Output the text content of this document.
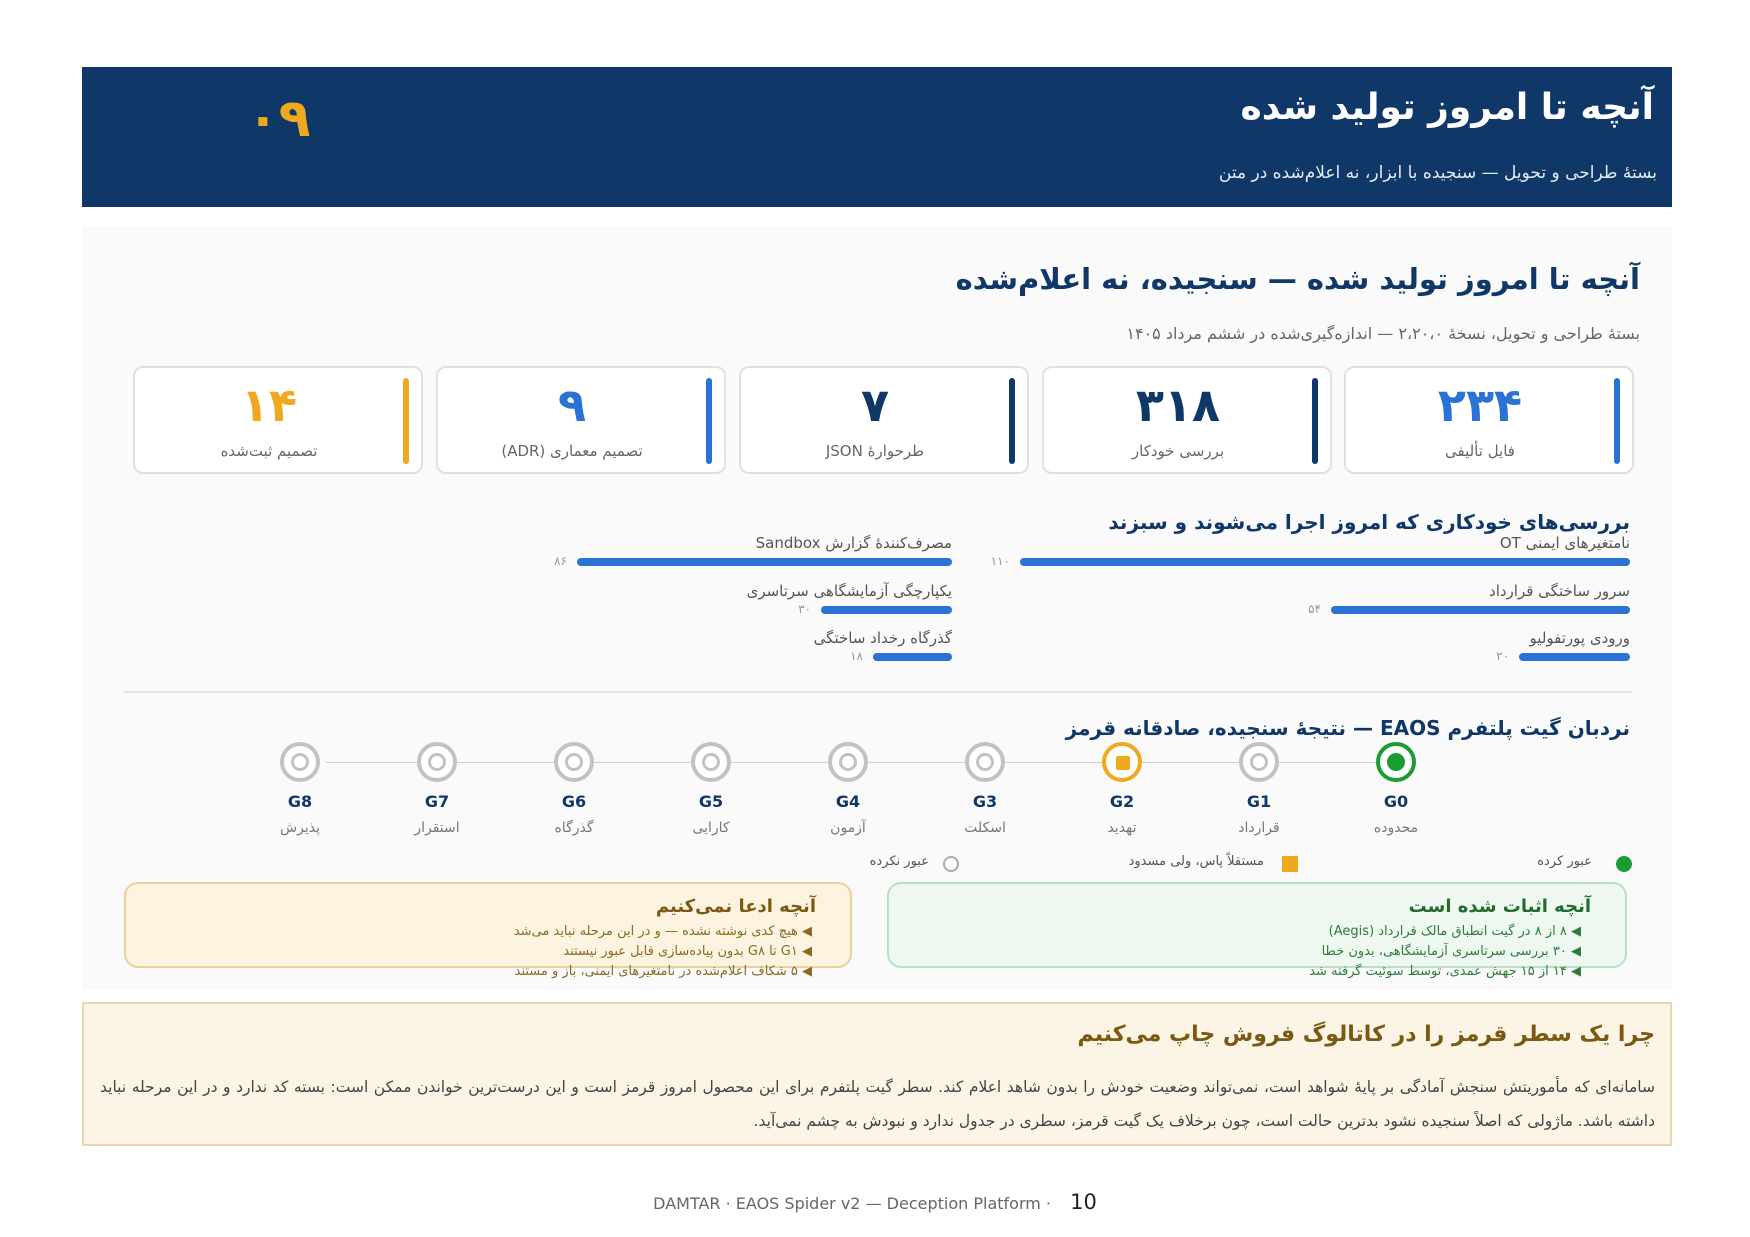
آنچه تا امروز تولید شده
بستهٔ طراحی و تحویل — سنجیده با ابزار، نه اعلام‌شده در متن
۰۹
آنچه تا امروز تولید شده — سنجیده، نه اعلام‌شده
بستهٔ طراحی و تحویل، نسخهٔ ۲،۲۰،۰ — اندازه‌گیری‌شده در ششم مرداد ۱۴۰۵
۲۳۴
فایل تألیفی
۳۱۸
بررسی خودکار
۷
طرحوارهٔ JSON
۹
تصمیم معماری (ADR)
۱۴
تصمیم ثبت‌شده
بررسی‌های خودکاری که امروز اجرا می‌شوند و سبزند
نامتغیرهای ایمنی OT
۱۱۰
سرور ساختگی قرارداد
۵۴
ورودی پورتفولیو
۲۰
مصرف‌کنندهٔ گزارش Sandbox
۸۶
یکپارچگی آزمایشگاهی سرتاسری
۳۰
گذرگاه رخداد ساختگی
۱۸
نردبان گیت پلتفرم EAOS — نتیجهٔ سنجیده، صادقانه قرمز
G0
محدوده
G1
قرارداد
G2
تهدید
G3
اسکلت
G4
آزمون
G5
کارایی
G6
گذرگاه
G7
استقرار
G8
پذیرش
عبور کرده
مستقلاً پاس، ولی مسدود
عبور نکرده
آنچه اثبات شده است
◀ ۸ از ۸ در گیت انطباق مالک قرارداد (Aegis)
◀ ۳۰ بررسی سرتاسری آزمایشگاهی، بدون خطا
◀ ۱۴ از ۱۵ جهش عمدی، توسط سوئیت گرفته شد
آنچه ادعا نمی‌کنیم
◀ هیچ کدی نوشته نشده — و در این مرحله نباید می‌شد
◀ G۱ تا G۸ بدون پیاده‌سازی قابل عبور نیستند
◀ ۵ شکاف اعلام‌شده در نامتغیرهای ایمنی، باز و مستند
چرا یک سطر قرمز را در کاتالوگ فروش چاپ می‌کنیم
سامانه‌ای که مأموریتش سنجش آمادگی بر پایهٔ شواهد است، نمی‌تواند وضعیت خودش را بدون شاهد اعلام کند. سطر گیت پلتفرم برای این محصول امروز قرمز است و این درست‌ترین خواندن ممکن است: بسته کد ندارد و در این مرحله نباید داشته باشد. ماژولی که اصلاً سنجیده نشود بدترین حالت است، چون برخلاف یک گیت قرمز، سطری در جدول ندارد و نبودش به چشم نمی‌آید.
DAMTAR · EAOS Spider v2 — Deception Platform · 10
